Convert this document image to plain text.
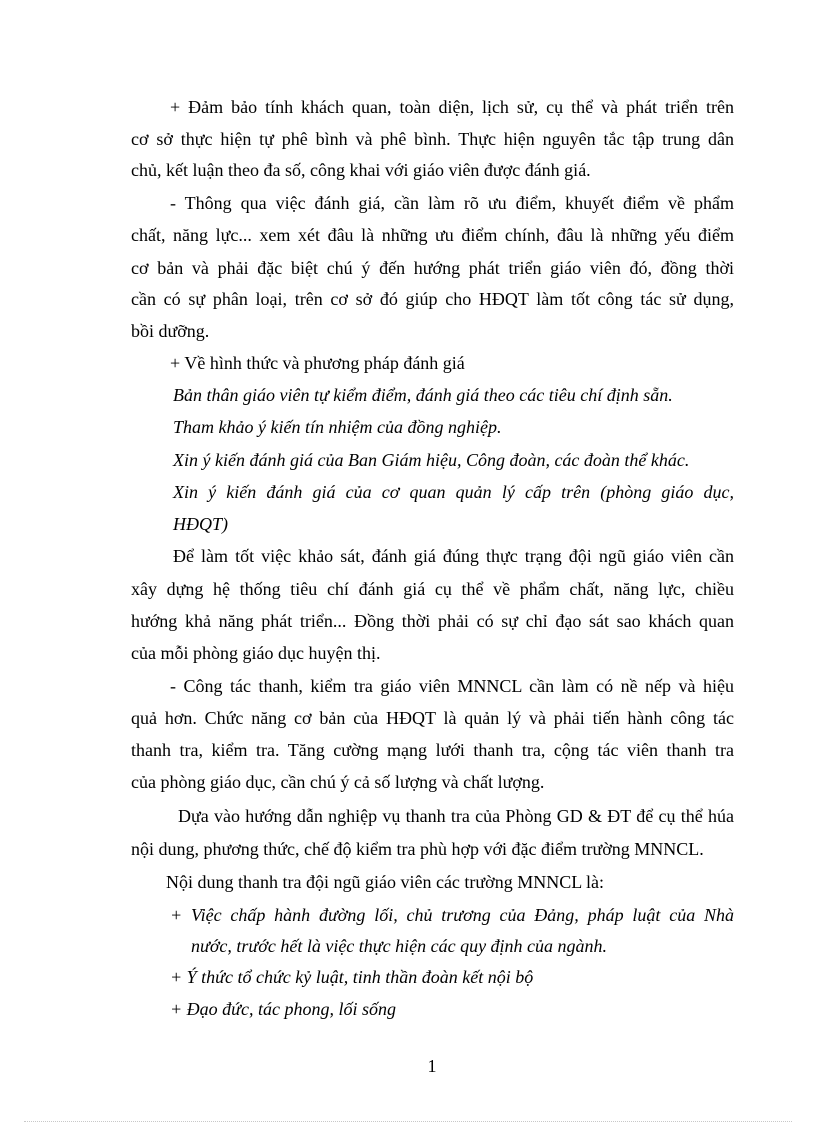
+ Đảm bảo tính khách quan, toàn diện, lịch sử, cụ thể và phát triển trên
cơ sở thực hiện tự phê bình và phê bình. Thực hiện nguyên tắc tập trung dân
chủ, kết luận theo đa số, công khai với giáo viên được đánh giá.
- Thông qua việc đánh giá, cần làm rõ ưu điểm, khuyết điểm về phẩm
chất, năng lực... xem xét đâu là những ưu điểm chính, đâu là những yếu điểm
cơ bản và phải đặc biệt chú ý đến hướng phát triển giáo viên đó, đồng thời
cần có sự phân loại, trên cơ sở đó giúp cho HĐQT làm tốt công tác sử dụng,
bồi dưỡng.
+ Về hình thức và phương pháp đánh giá
Bản thân giáo viên tự kiểm điểm, đánh giá theo các tiêu chí định sẵn.
Tham khảo ý kiến tín nhiệm của đồng nghiệp.
Xin ý kiến đánh giá của Ban Giám hiệu, Công đoàn, các đoàn thể khác.
Xin ý kiến đánh giá của cơ quan quản lý cấp trên (phòng giáo dục,
HĐQT)
Để làm tốt việc khảo sát, đánh giá đúng thực trạng đội ngũ giáo viên cần
xây dựng hệ thống tiêu chí đánh giá cụ thể về phẩm chất, năng lực, chiều
hướng khả năng phát triển... Đồng thời phải có sự chỉ đạo sát sao khách quan
của mỗi phòng giáo dục huyện thị.
- Công tác thanh, kiểm tra giáo viên MNNCL cần làm có nề nếp và hiệu
quả hơn. Chức năng cơ bản của HĐQT là quản lý và phải tiến hành công tác
thanh tra, kiểm tra. Tăng cường mạng lưới thanh tra, cộng tác viên thanh tra
của phòng giáo dục, cần chú ý cả số lượng và chất lượng.
Dựa vào hướng dẫn nghiệp vụ thanh tra của Phòng GD & ĐT để cụ thể húa
nội dung, phương thức, chế độ kiểm tra phù hợp với đặc điểm trường MNNCL.
Nội dung thanh tra đội ngũ giáo viên các trường MNNCL là:
+ Việc chấp hành đường lối, chủ trương của Đảng, pháp luật của Nhà
nước, trước hết là việc thực hiện các quy định của ngành.
+ Ý thức tổ chức kỷ luật, tinh thần đoàn kết nội bộ
+ Đạo đức, tác phong, lối sống
1
